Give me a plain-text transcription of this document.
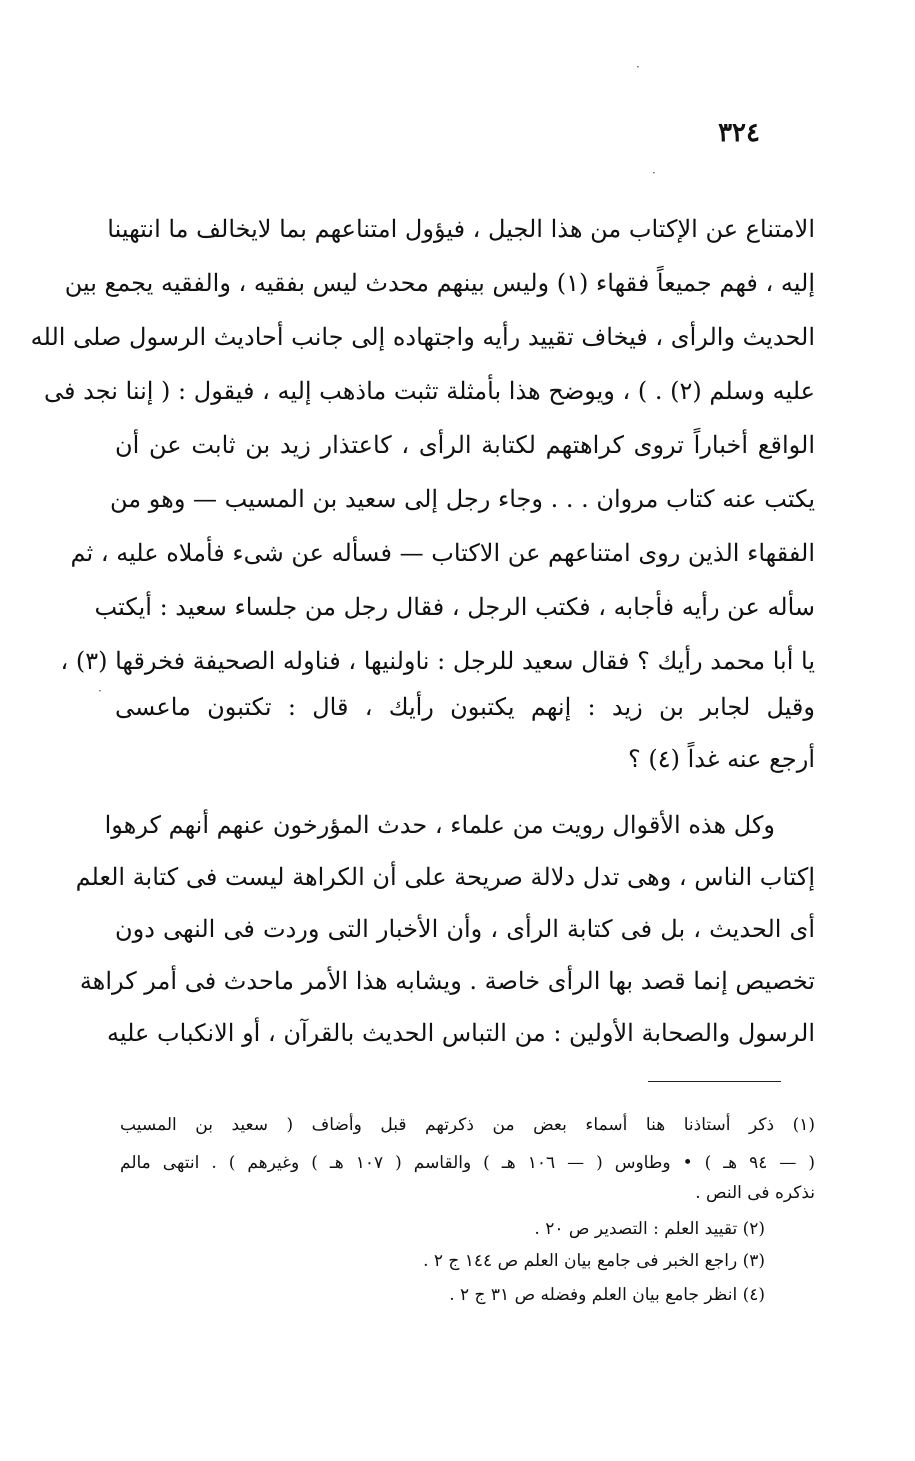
٣٢٤
·
·
·
الامتناع عن الإكتاب من هذا الجيل ، فيؤول امتناعهم بما لايخالف ما انتهينا
إليه ، فهم جميعاً فقهاء (١) وليس بينهم محدث ليس بفقيه ، والفقيه يجمع بين
الحديث والرأى ، فيخاف تقييد رأيه واجتهاده إلى جانب أحاديث الرسول صلى الله
عليه وسلم (٢) . ) ، ويوضح هذا بأمثلة تثبت ماذهب إليه ، فيقول : ( إننا نجد فى
الواقع أخباراً تروى كراهتهم لكتابة الرأى ، كاعتذار زيد بن ثابت عن أن
يكتب عنه كتاب مروان . . . وجاء رجل إلى سعيد بن المسيب — وهو من
الفقهاء الذين روى امتناعهم عن الاكتاب — فسأله عن شىء فأملاه عليه ، ثم
سأله عن رأيه فأجابه ، فكتب الرجل ، فقال رجل من جلساء سعيد : أيكتب
يا أبا محمد رأيك ؟ فقال سعيد للرجل : ناولنيها ، فناوله الصحيفة فخرقها (٣) ،
وقيل لجابر بن زيد : إنهم يكتبون رأيك ، قال : تكتبون ماعسى
أرجع عنه غداً (٤) ؟
وكل هذه الأقوال رويت من علماء ، حدث المؤرخون عنهم أنهم كرهوا
إكتاب الناس ، وهى تدل دلالة صريحة على أن الكراهة ليست فى كتابة العلم
أى الحديث ، بل فى كتابة الرأى ، وأن الأخبار التى وردت فى النهى دون
تخصيص إنما قصد بها الرأى خاصة . ويشابه هذا الأمر ماحدث فى أمر كراهة
الرسول والصحابة الأولين : من التباس الحديث بالقرآن ، أو الانكباب عليه
(١) ذكر أستاذنا هنا أسماء بعض من ذكرتهم قبل وأضاف ( سعيد بن المسيب
( — ٩٤ هـ ) • وطاوس ( — ١٠٦ هـ ) والقاسم ( ١٠٧ هـ ) وغيرهم ) . انتهى مالم
نذكره فى النص .
(٢) تقييد العلم : التصدير ص ٢٠ .
(٣) راجع الخبر فى جامع بيان العلم ص ١٤٤ ج ٢ .
(٤) انظر جامع بيان العلم وفضله ص ٣١ ج ٢ .
